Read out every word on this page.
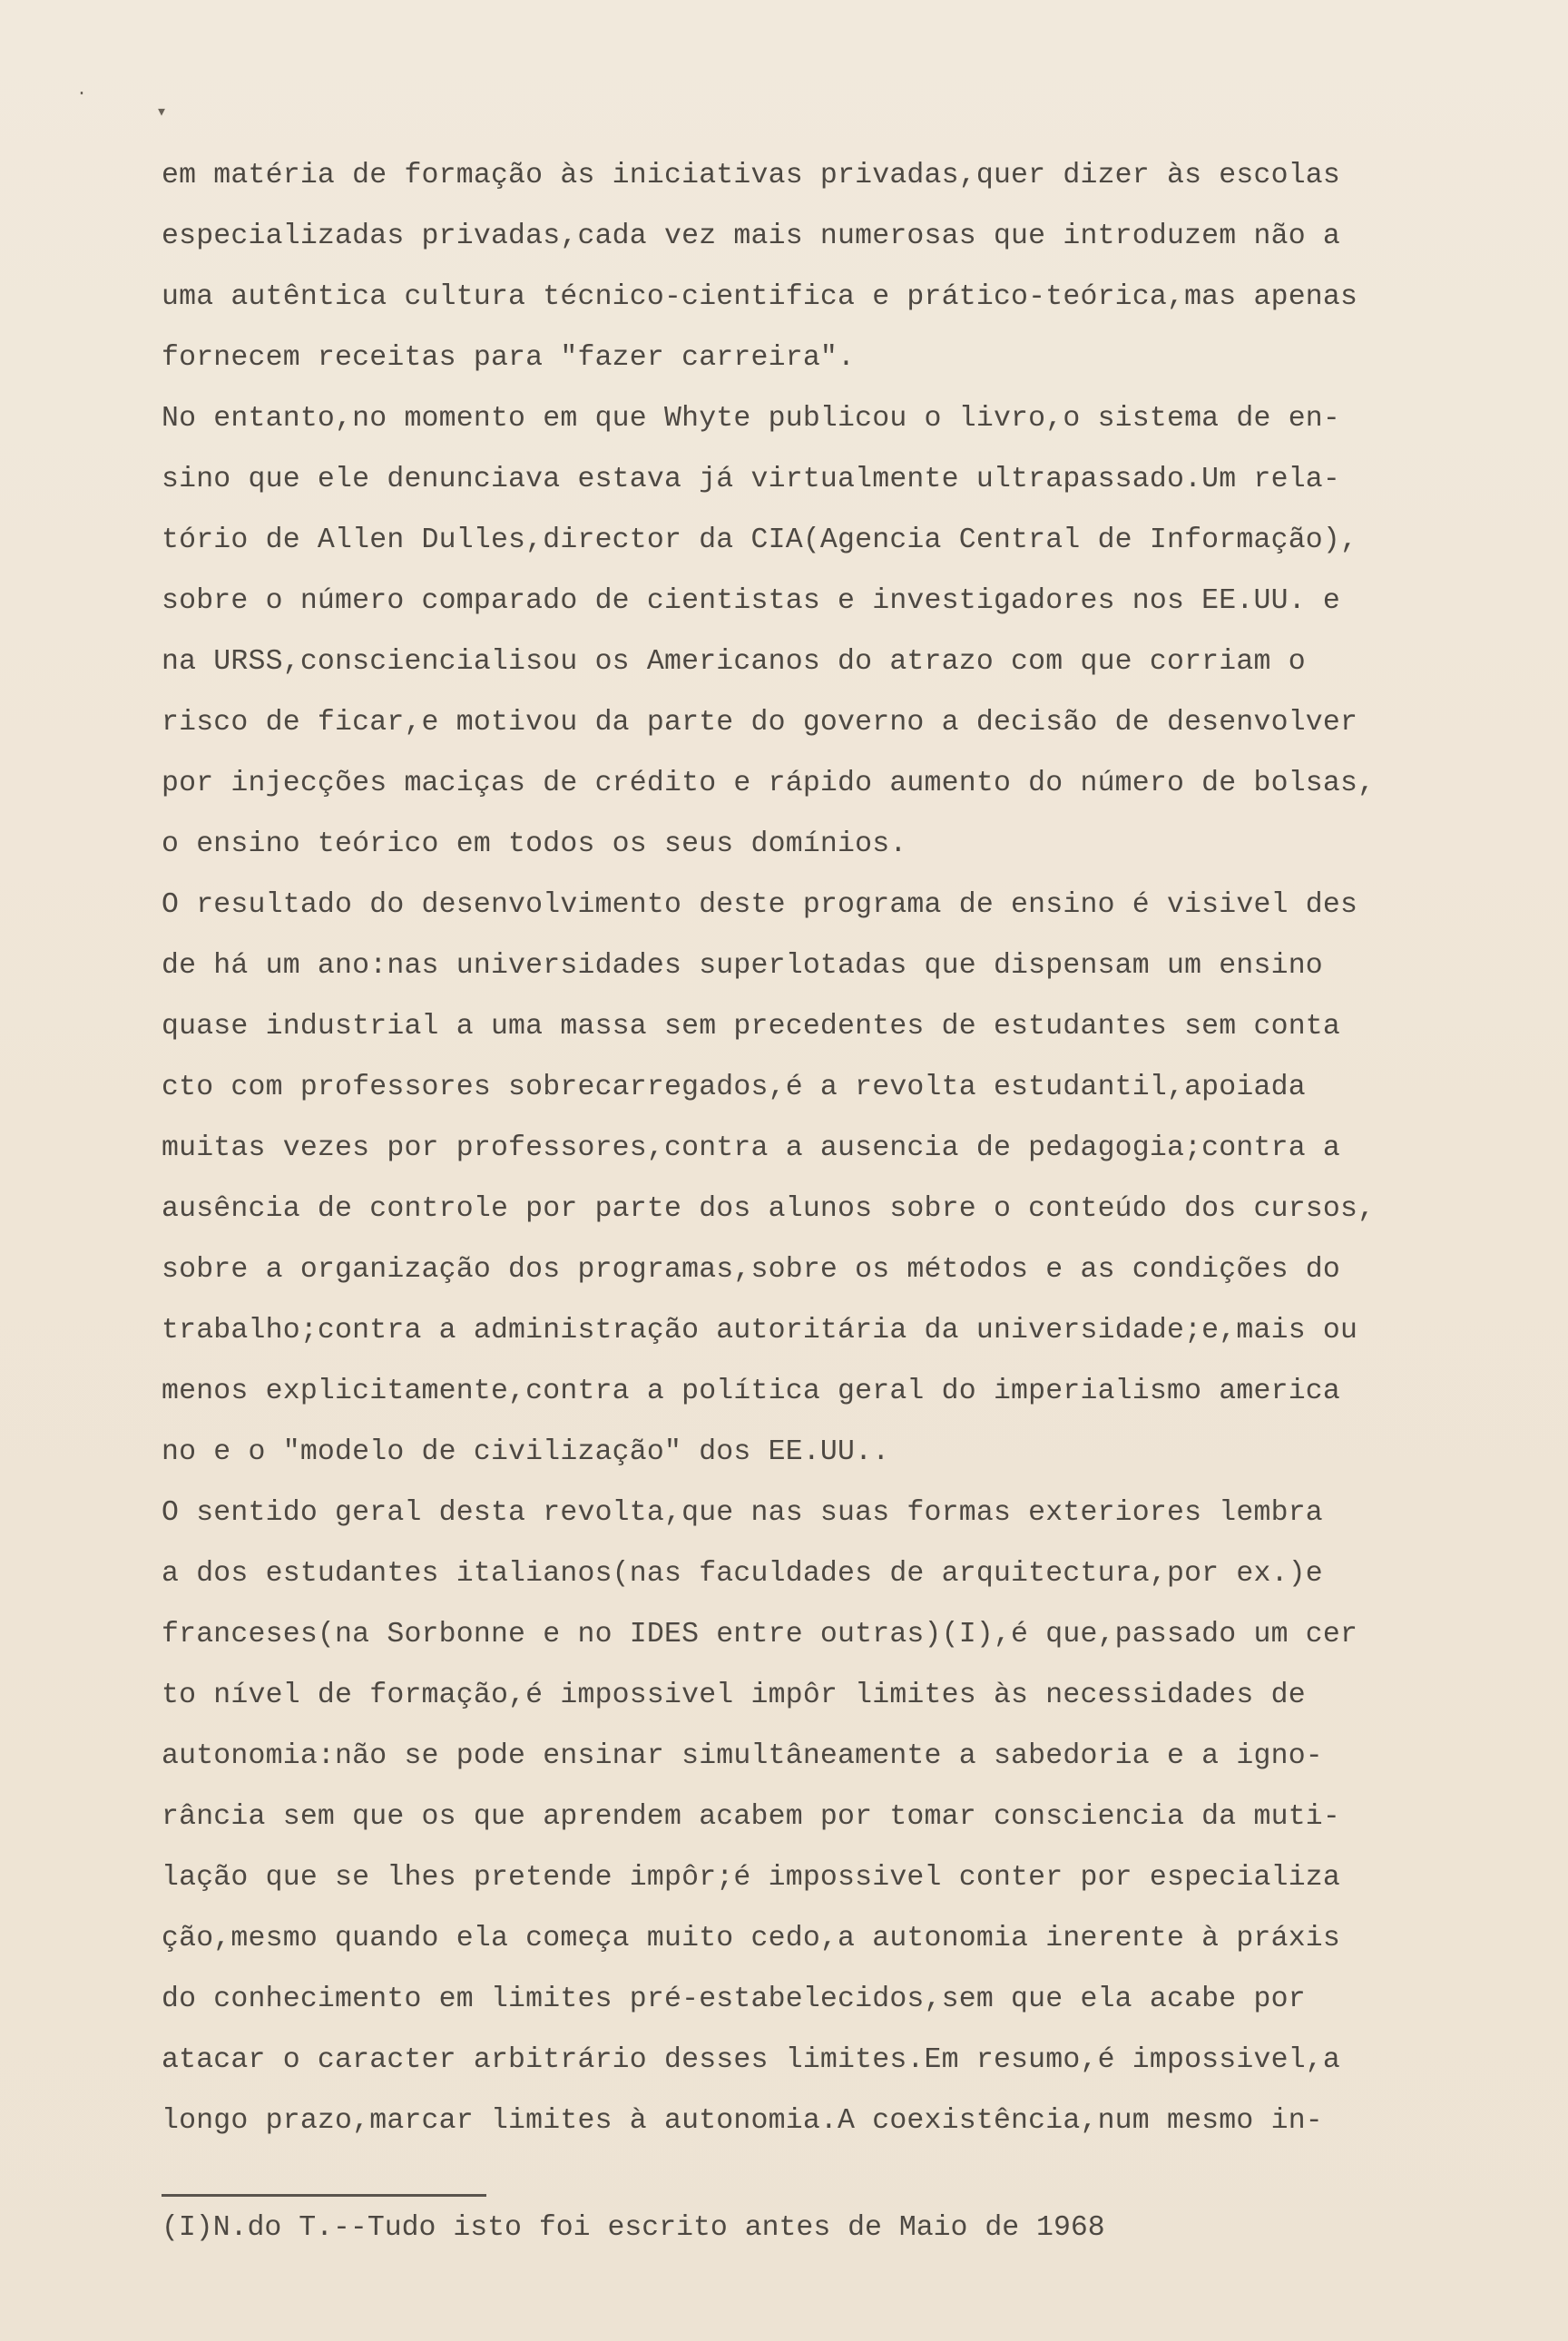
·
▾
em matéria de formação às iniciativas privadas,quer dizer às escolas
especializadas privadas,cada vez mais numerosas que introduzem não a
uma autêntica cultura técnico-cientifica e prático-teórica,mas apenas
fornecem receitas para "fazer carreira".
No entanto,no momento em que Whyte publicou o livro,o sistema de en-
sino que ele denunciava estava já virtualmente ultrapassado.Um rela-
tório de Allen Dulles,director da CIA(Agencia Central de Informação),
sobre o número comparado de cientistas e investigadores nos EE.UU. e
na URSS,consciencialisou os Americanos do atrazo com que corriam o
risco de ficar,e motivou da parte do governo a decisão de desenvolver
por injecções maciças de crédito e rápido aumento do número de bolsas,
o ensino teórico em todos os seus domínios.
O resultado do desenvolvimento deste programa de ensino é visivel des
de há um ano:nas universidades superlotadas que dispensam um ensino
quase industrial a uma massa sem precedentes de estudantes sem conta
cto com professores sobrecarregados,é a revolta estudantil,apoiada
muitas vezes por professores,contra a ausencia de pedagogia;contra a
ausência de controle por parte dos alunos sobre o conteúdo dos cursos,
sobre a organização dos programas,sobre os métodos e as condições do
trabalho;contra a administração autoritária da universidade;e,mais ou
menos explicitamente,contra a política geral do imperialismo america
no e o "modelo de civilização" dos EE.UU..
O sentido geral desta revolta,que nas suas formas exteriores lembra
a dos estudantes italianos(nas faculdades de arquitectura,por ex.)e
franceses(na Sorbonne e no IDES entre outras)(I),é que,passado um cer
to nível de formação,é impossivel impôr limites às necessidades de
autonomia:não se pode ensinar simultâneamente a sabedoria e a igno-
rância sem que os que aprendem acabem por tomar consciencia da muti-
lação que se lhes pretende impôr;é impossivel conter por especializa
ção,mesmo quando ela começa muito cedo,a autonomia inerente à práxis
do conhecimento em limites pré-estabelecidos,sem que ela acabe por
atacar o caracter arbitrário desses limites.Em resumo,é impossivel,a
longo prazo,marcar limites à autonomia.A coexistência,num mesmo in-
(I)N.do T.--Tudo isto foi escrito antes de Maio de 1968
